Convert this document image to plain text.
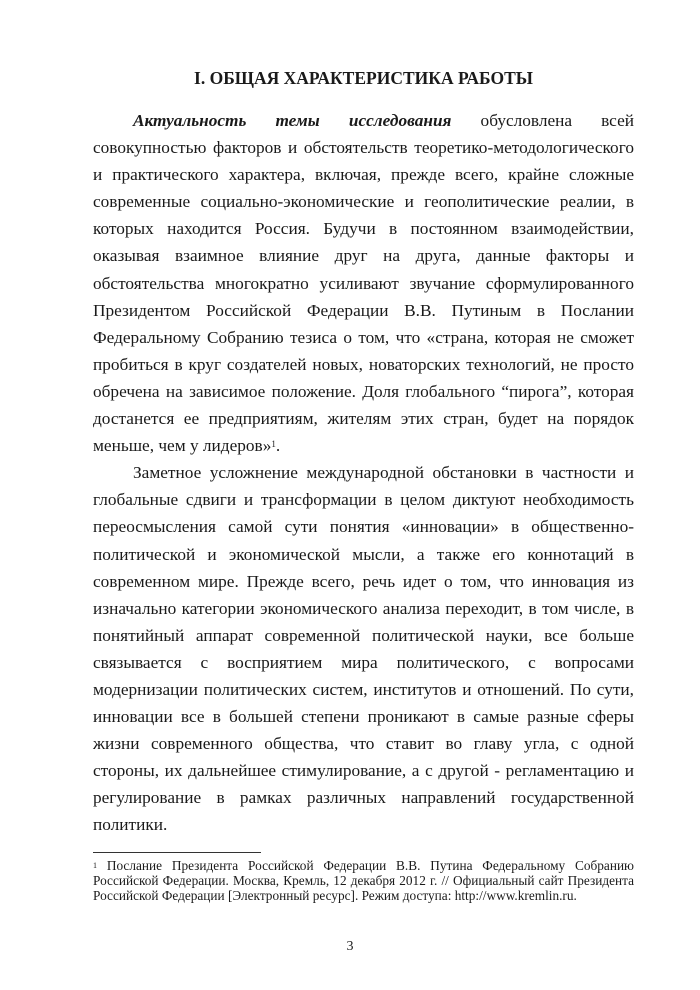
I. ОБЩАЯ ХАРАКТЕРИСТИКА РАБОТЫ

Актуальность темы исследования обусловлена всей совокупностью факторов и обстоятельств теоретико-методологического и практического характера, включая, прежде всего, крайне сложные современные социально-экономические и геополитические реалии, в которых находится Россия. Будучи в постоянном взаимодействии, оказывая взаимное влияние друг на друга, данные факторы и обстоятельства многократно усиливают звучание сформулированного Президентом Российской Федерации В.В. Путиным в Послании Федеральному Собранию тезиса о том, что «страна, которая не сможет пробиться в круг создателей новых, новаторских технологий, не просто обречена на зависимое положение. Доля глобального “пирога”, которая достанется ее предприятиям, жителям этих стран, будет на порядок меньше, чем у лидеров»$^1$.

Заметное усложнение международной обстановки в частности и глобальные сдвиги и трансформации в целом диктуют необходимость переосмысления самой сути понятия «инновации» в общественно-политической и экономической мысли, а также его коннотаций в современном мире. Прежде всего, речь идет о том, что инновация из изначально категории экономического анализа переходит, в том числе, в понятийный аппарат современной политической науки, все больше связывается с восприятием мира политического, с вопросами модернизации политических систем, институтов и отношений. По сути, инновации все в большей степени проникают в самые разные сферы жизни современного общества, что ставит во главу угла, с одной стороны, их дальнейшее стимулирование, а с другой - регламентацию и регулирование в рамках различных направлений государственной политики.

$^1$ Послание Президента Российской Федерации В.В. Путина Федеральному Собранию Российской Федерации. Москва, Кремль, 12 декабря 2012 г. // Официальный сайт Президента Российской Федерации [Электронный ресурс]. Режим доступа: http://www.kremlin.ru.
3
